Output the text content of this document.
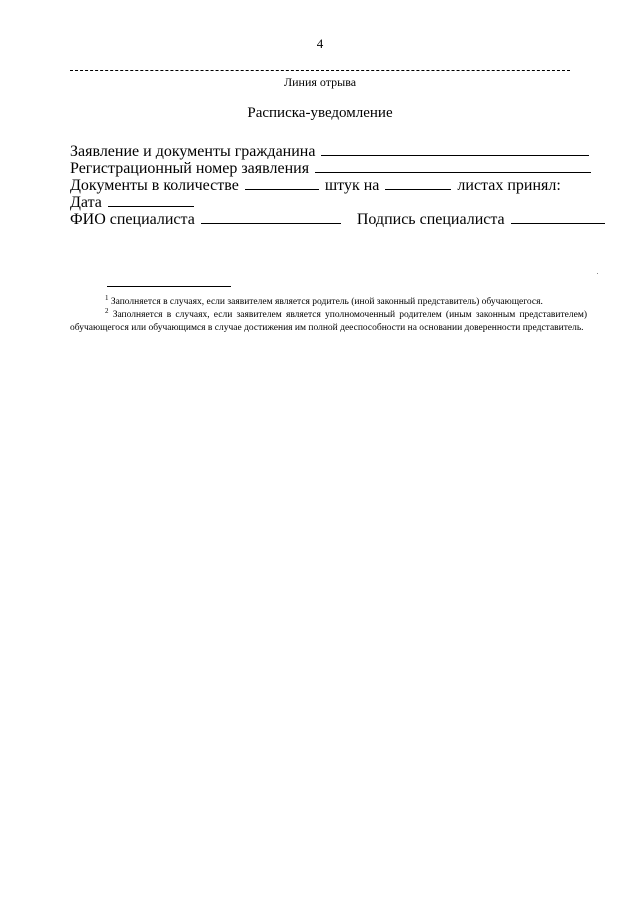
4
Линия отрыва
Расписка-уведомление
Заявление и документы гражданина
Регистрационный номер заявления
Документы в количестве	штук на	листах принял:
Дата
ФИО специалиста	Подпись специалиста
$^1$ Заполняется в случаях, если заявителем является родитель (иной законный представитель) обучающегося.
$^2$ Заполняется в случаях, если заявителем является уполномоченный родителем (иным законным представителем) обучающегося или обучающимся в случае достижения им полной дееспособности на основании доверенности представитель.
